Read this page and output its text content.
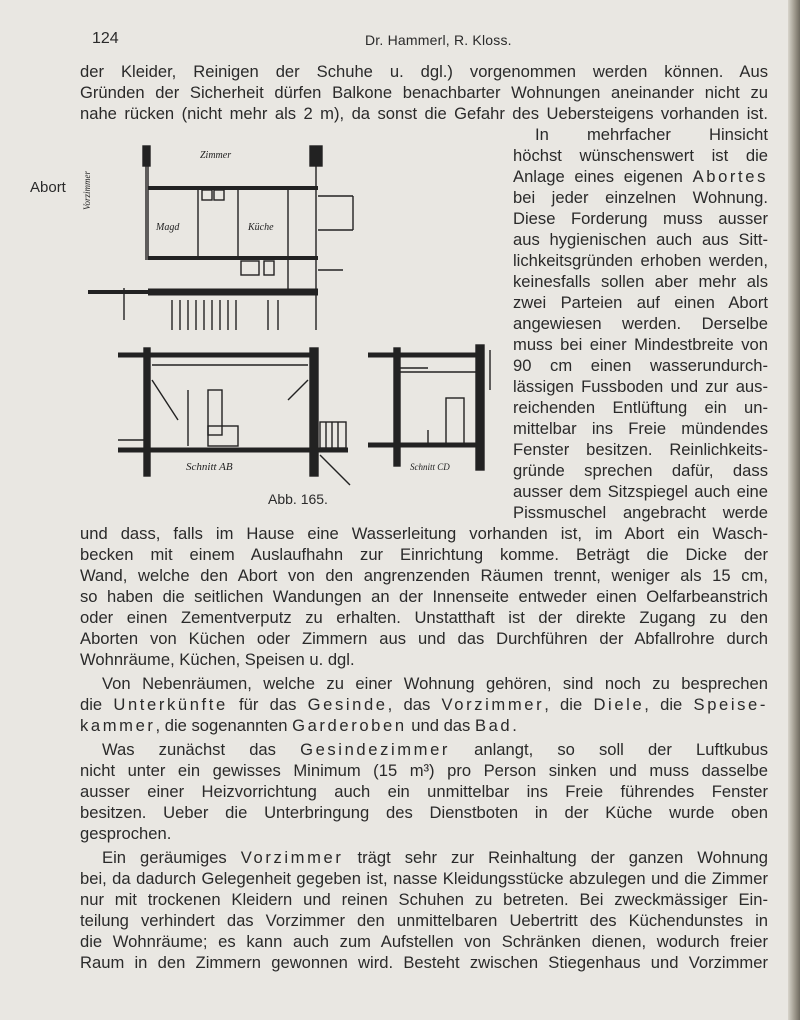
124	Dr. Hammerl, R. Kloss.
Abort
der Kleider, Reinigen der Schuhe u. dgl.) vorgenommen werden können. Aus
Gründen der Sicherheit dürfen Balkone benachbarter Wohnungen aneinander nicht zu
nahe rücken (nicht mehr als 2 m), da sonst die Gefahr des Uebersteigens vorhanden ist.
In mehrfacher Hinsicht
höchst wünschenswert ist die
Anlage eines eigenen Abortes
bei jeder einzelnen Wohnung.
Diese Forderung muss ausser
aus hygienischen auch aus Sitt-
lichkeitsgründen erhoben werden,
keinesfalls sollen aber mehr als
zwei Parteien auf einen Abort
angewiesen werden. Derselbe
muss bei einer Mindestbreite von
90 cm einen wasserundurch-
lässigen Fussboden und zur aus-
reichenden Entlüftung ein un-
mittelbar ins Freie mündendes
Fenster besitzen. Reinlichkeits-
gründe sprechen dafür, dass
ausser dem Sitzspiegel auch eine
Pissmuschel angebracht werde
Zimmer
Vorzimmer
Magd	Küche
Schnitt AB	Schnitt CD
Abb. 165.
und dass, falls im Hause eine Wasserleitung vorhanden ist, im Abort ein Wasch-
becken mit einem Auslaufhahn zur Einrichtung komme. Beträgt die Dicke der
Wand, welche den Abort von den angrenzenden Räumen trennt, weniger als 15 cm,
so haben die seitlichen Wandungen an der Innenseite entweder einen Oelfarbeanstrich
oder einen Zementverputz zu erhalten. Unstatthaft ist der direkte Zugang zu den
Aborten von Küchen oder Zimmern aus und das Durchführen der Abfallrohre durch
Wohnräume, Küchen, Speisen u. dgl.
Von Nebenräumen, welche zu einer Wohnung gehören, sind noch zu besprechen
die Unterkünfte für das Gesinde, das Vorzimmer, die Diele, die Speise-
kammer, die sogenannten Garderoben und das Bad.
Was zunächst das Gesindezimmer anlangt, so soll der Luftkubus
nicht unter ein gewisses Minimum (15 m³) pro Person sinken und muss dasselbe
ausser einer Heizvorrichtung auch ein unmittelbar ins Freie führendes Fenster
besitzen. Ueber die Unterbringung des Dienstboten in der Küche wurde oben
gesprochen.
Ein geräumiges Vorzimmer trägt sehr zur Reinhaltung der ganzen Wohnung
bei, da dadurch Gelegenheit gegeben ist, nasse Kleidungsstücke abzulegen und die Zimmer
nur mit trockenen Kleidern und reinen Schuhen zu betreten. Bei zweckmässiger Ein-
teilung verhindert das Vorzimmer den unmittelbaren Uebertritt des Küchendunstes in
die Wohnräume; es kann auch zum Aufstellen von Schränken dienen, wodurch freier
Raum in den Zimmern gewonnen wird. Besteht zwischen Stiegenhaus und Vorzimmer
